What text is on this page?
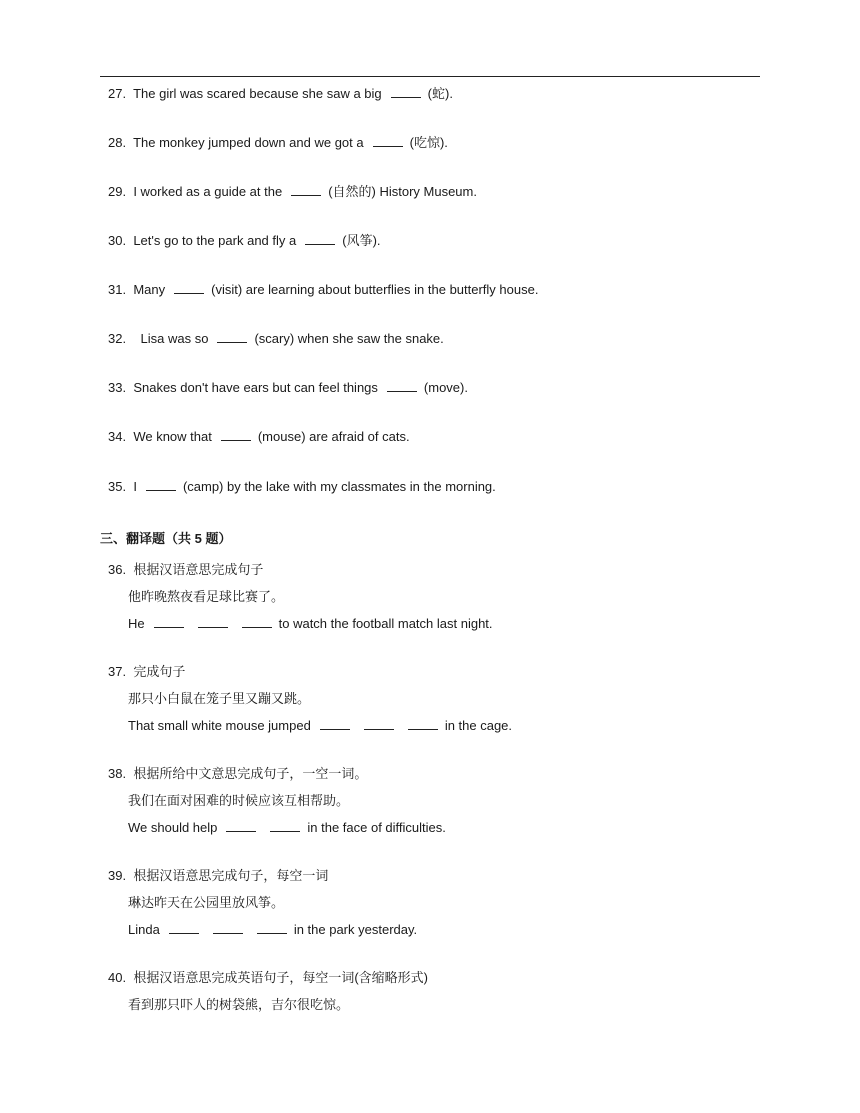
27. The girl was scared because she saw a big	(蛇).
28. The monkey jumped down and we got a	(吃惊).
29. I worked as a guide at the	(自然的) History Museum.
30. Let's go to the park and fly a	(风筝).
31. Many	(visit) are learning about butterflies in the butterfly house.
32. Lisa was so	(scary) when she saw the snake.
33. Snakes don't have ears but can feel things	(move).
34. We know that	(mouse) are afraid of cats.
35. I	(camp) by the lake with my classmates in the morning.
三、翻译题（共 5 题）
36. 根据汉语意思完成句子
他昨晚熬夜看足球比赛了。
He	to watch the football match last night.
37. 完成句子
那只小白鼠在笼子里又蹦又跳。
That small white mouse jumped	in the cage.
38. 根据所给中文意思完成句子，一空一词。
我们在面对困难的时候应该互相帮助。
We should help	in the face of difficulties.
39. 根据汉语意思完成句子，每空一词
琳达昨天在公园里放风筝。
Linda	in the park yesterday.
40. 根据汉语意思完成英语句子，每空一词(含缩略形式)
看到那只吓人的树袋熊，吉尔很吃惊。
